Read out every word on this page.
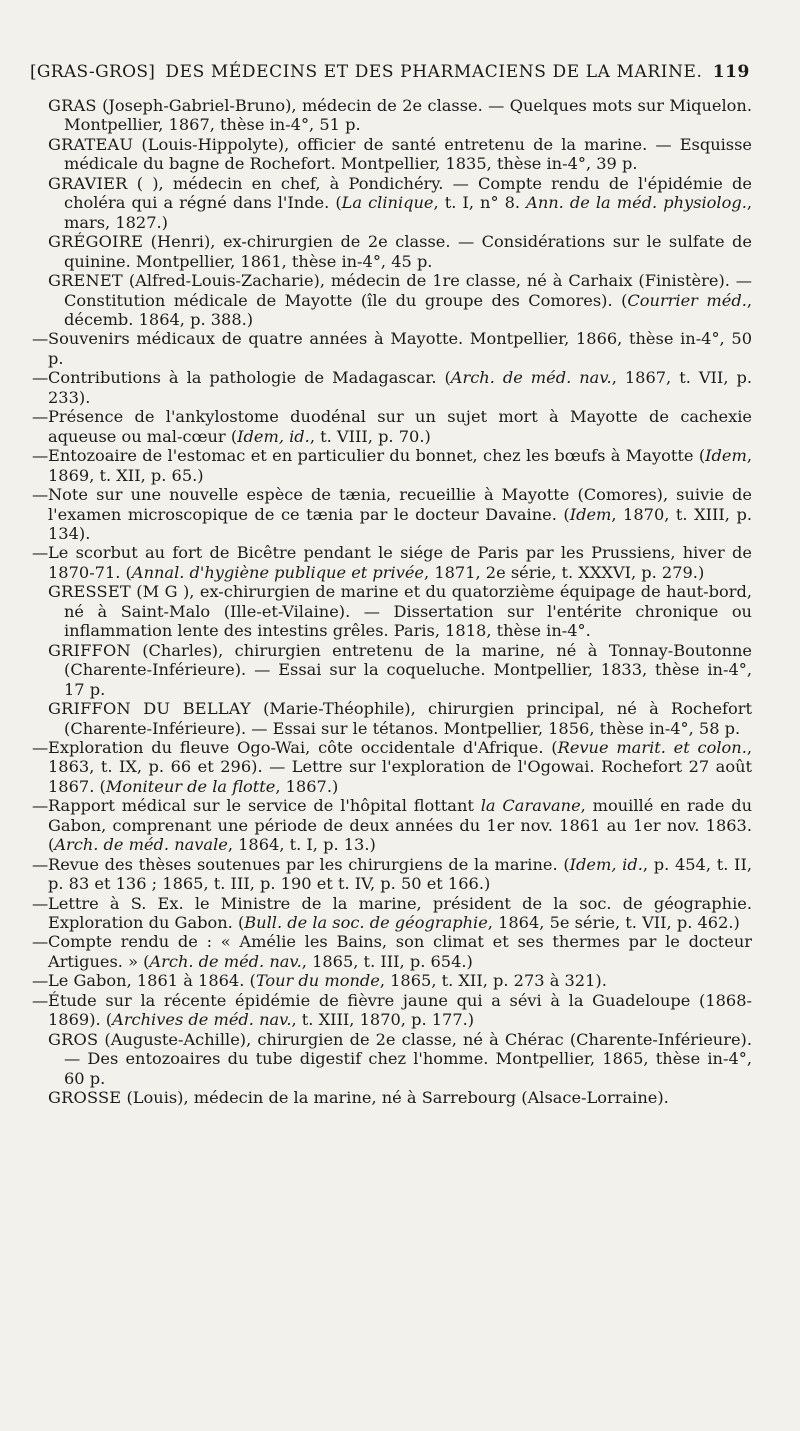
[GRAS-GROS] DES MÉDECINS ET DES PHARMACIENS DE LA MARINE. 119

GRAS (Joseph-Gabriel-Bruno), médecin de 2e classe. — Quelques mots sur Miquelon. Montpellier, 1867, thèse in-4°, 51 p.

GRATEAU (Louis-Hippolyte), officier de santé entretenu de la marine. — Esquisse médicale du bagne de Rochefort. Montpellier, 1835, thèse in-4°, 39 p.

GRAVIER ( ), médecin en chef, à Pondichéry. — Compte rendu de l'épidémie de choléra qui a régné dans l'Inde. (La clinique, t. I, n° 8. Ann. de la méd. physiolog., mars, 1827.)

GRÉGOIRE (Henri), ex-chirurgien de 2e classe. — Considérations sur le sulfate de quinine. Montpellier, 1861, thèse in-4°, 45 p.

GRENET (Alfred-Louis-Zacharie), médecin de 1re classe, né à Carhaix (Finistère). — Constitution médicale de Mayotte (île du groupe des Comores). (Courrier méd., décemb. 1864, p. 388.)

—Souvenirs médicaux de quatre années à Mayotte. Montpellier, 1866, thèse in-4°, 50 p.

—Contributions à la pathologie de Madagascar. (Arch. de méd. nav., 1867, t. VII, p. 233).

—Présence de l'ankylostome duodénal sur un sujet mort à Mayotte de cachexie aqueuse ou mal-cœur (Idem, id., t. VIII, p. 70.)

—Entozoaire de l'estomac et en particulier du bonnet, chez les bœufs à Mayotte (Idem, 1869, t. XII, p. 65.)

—Note sur une nouvelle espèce de tænia, recueillie à Mayotte (Comores), suivie de l'examen microscopique de ce tænia par le docteur Davaine. (Idem, 1870, t. XIII, p. 134).

—Le scorbut au fort de Bicêtre pendant le siége de Paris par les Prussiens, hiver de 1870-71. (Annal. d'hygiène publique et privée, 1871, 2e série, t. XXXVI, p. 279.)

GRESSET (M G ), ex-chirurgien de marine et du quatorzième équipage de haut-bord, né à Saint-Malo (Ille-et-Vilaine). — Dissertation sur l'entérite chronique ou inflammation lente des intestins grêles. Paris, 1818, thèse in-4°.

GRIFFON (Charles), chirurgien entretenu de la marine, né à Tonnay-Boutonne (Charente-Inférieure). — Essai sur la coqueluche. Montpellier, 1833, thèse in-4°, 17 p.

GRIFFON DU BELLAY (Marie-Théophile), chirurgien principal, né à Rochefort (Charente-Inférieure). — Essai sur le tétanos. Montpellier, 1856, thèse in-4°, 58 p.

—Exploration du fleuve Ogo-Wai, côte occidentale d'Afrique. (Revue marit. et colon., 1863, t. IX, p. 66 et 296). — Lettre sur l'exploration de l'Ogowai. Rochefort 27 août 1867. (Moniteur de la flotte, 1867.)

—Rapport médical sur le service de l'hôpital flottant la Caravane, mouillé en rade du Gabon, comprenant une période de deux années du 1er nov. 1861 au 1er nov. 1863. (Arch. de méd. navale, 1864, t. I, p. 13.)

—Revue des thèses soutenues par les chirurgiens de la marine. (Idem, id., p. 454, t. II, p. 83 et 136 ; 1865, t. III, p. 190 et t. IV, p. 50 et 166.)

—Lettre à S. Ex. le Ministre de la marine, président de la soc. de géographie. Exploration du Gabon. (Bull. de la soc. de géographie, 1864, 5e série, t. VII, p. 462.)

—Compte rendu de : « Amélie les Bains, son climat et ses thermes par le docteur Artigues. » (Arch. de méd. nav., 1865, t. III, p. 654.)

—Le Gabon, 1861 à 1864. (Tour du monde, 1865, t. XII, p. 273 à 321).

—Étude sur la récente épidémie de fièvre jaune qui a sévi à la Guadeloupe (1868-1869). (Archives de méd. nav., t. XIII, 1870, p. 177.)

GROS (Auguste-Achille), chirurgien de 2e classe, né à Chérac (Charente-Inférieure). — Des entozoaires du tube digestif chez l'homme. Montpellier, 1865, thèse in-4°, 60 p.

GROSSE (Louis), médecin de la marine, né à Sarrebourg (Alsace-Lorraine).
